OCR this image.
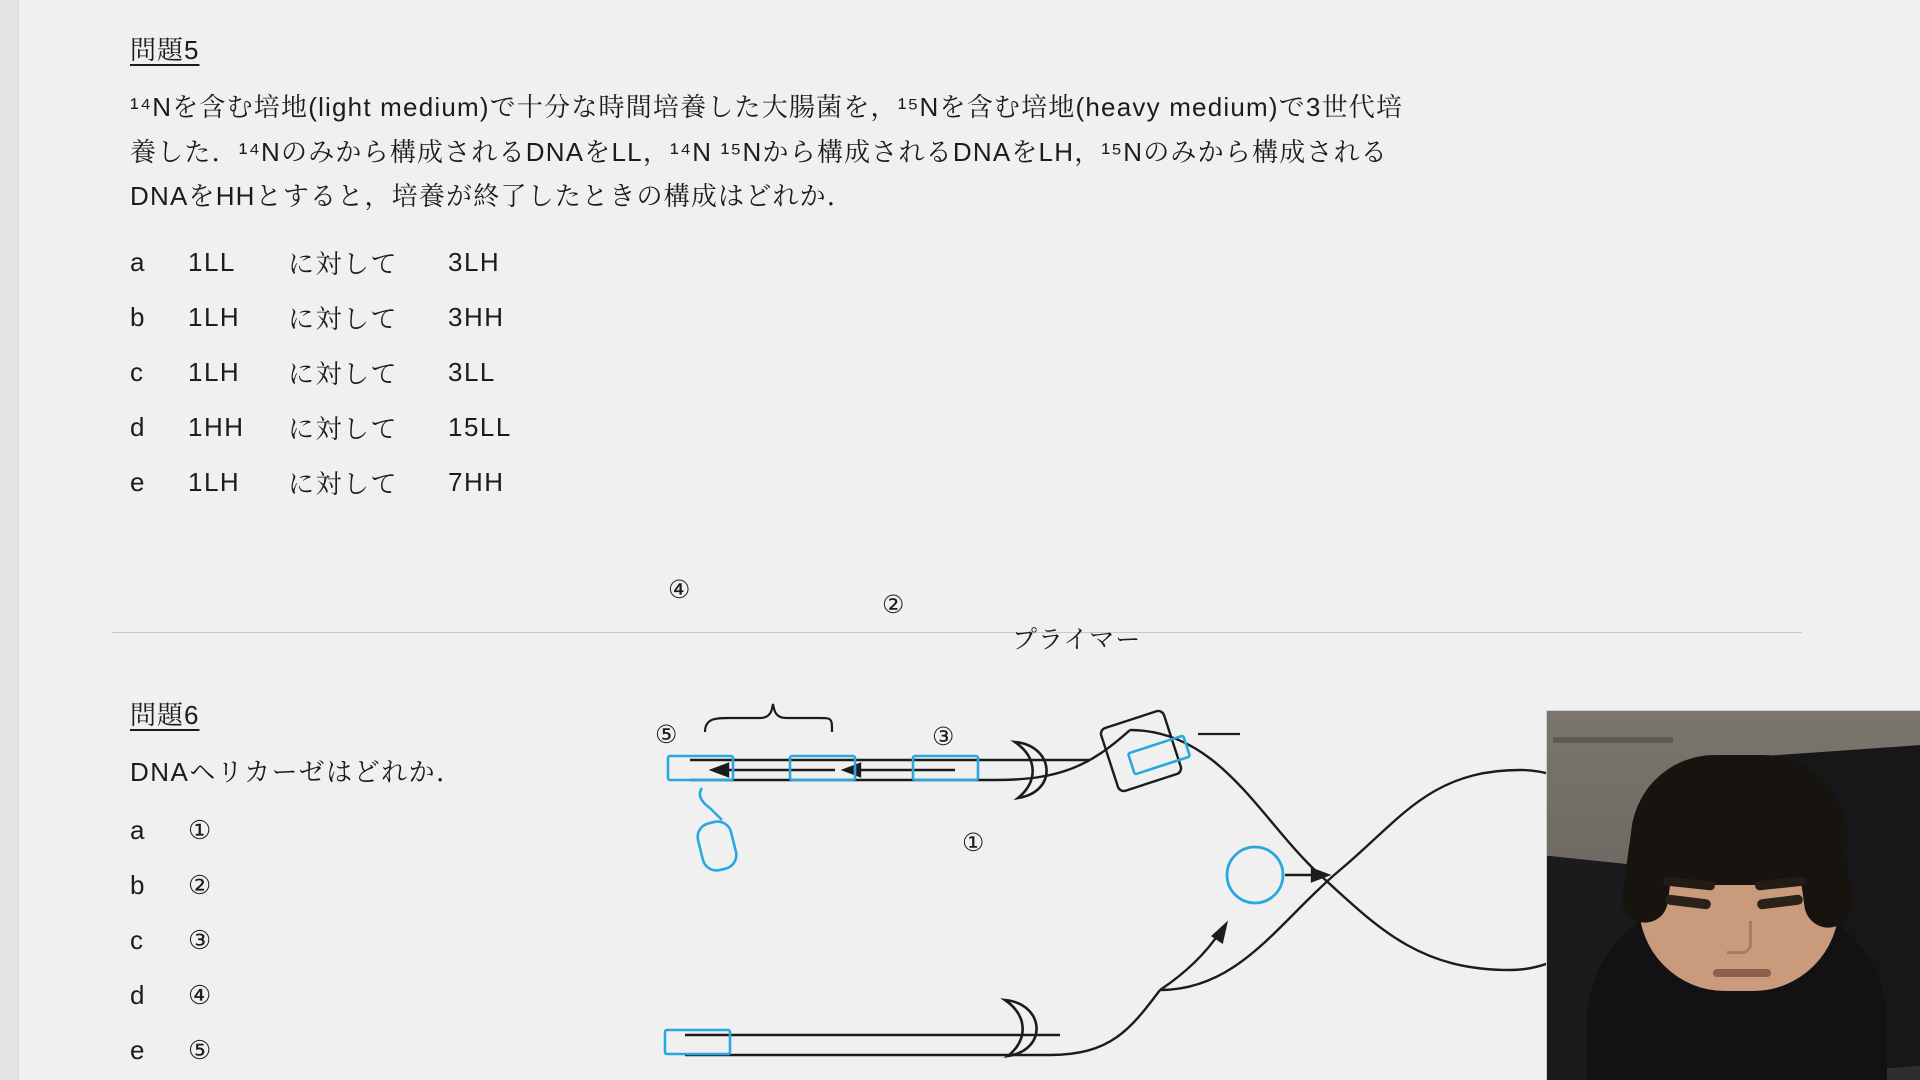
問題5
¹⁴Nを含む培地(light medium)で十分な時間培養した大腸菌を，¹⁵Nを含む培地(heavy medium)で3世代培
養した．¹⁴Nのみから構成されるDNAをLL，¹⁴N ¹⁵Nから構成されるDNAをLH，¹⁵Nのみから構成される
DNAをHHとすると，培養が終了したときの構成はどれか．
a	1LL	に対して	3LH
b	1LH	に対して	3HH
c	1LH	に対して	3LL
d	1HH	に対して	15LL
e	1LH	に対して	7HH
問題6
DNAヘリカーゼはどれか．
a	①
b	②
c	③
d	④
e	⑤
④
②
プライマー
③
⑤
①
